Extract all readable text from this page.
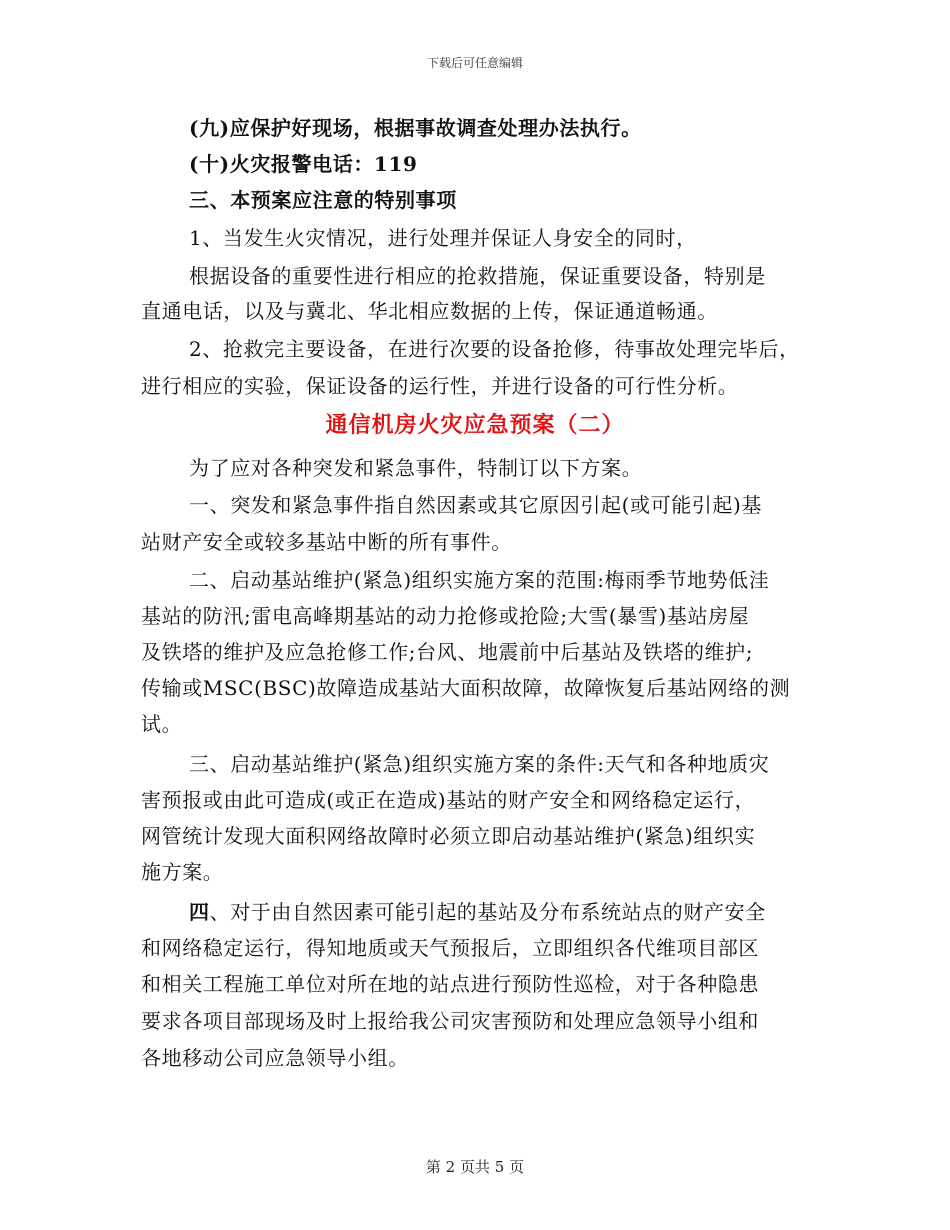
下载后可任意编辑
(九)应保护好现场，根据事故调查处理办法执行。
(十)火灾报警电话：119
三、本预案应注意的特别事项
1、当发生火灾情况，进行处理并保证人身安全的同时，
根据设备的重要性进行相应的抢救措施，保证重要设备，特别是
直通电话，以及与冀北、华北相应数据的上传，保证通道畅通。
2、抢救完主要设备，在进行次要的设备抢修，待事故处理完毕后，
进行相应的实验，保证设备的运行性，并进行设备的可行性分析。
通信机房火灾应急预案（二）
为了应对各种突发和紧急事件，特制订以下方案。
一、突发和紧急事件指自然因素或其它原因引起(或可能引起)基
站财产安全或较多基站中断的所有事件。
二、启动基站维护(紧急)组织实施方案的范围:梅雨季节地势低洼
基站的防汛;雷电高峰期基站的动力抢修或抢险;大雪(暴雪)基站房屋
及铁塔的维护及应急抢修工作;台风、地震前中后基站及铁塔的维护;
传输或MSC(BSC)故障造成基站大面积故障，故障恢复后基站网络的测
试。
三、启动基站维护(紧急)组织实施方案的条件:天气和各种地质灾
害预报或由此可造成(或正在造成)基站的财产安全和网络稳定运行，
网管统计发现大面积网络故障时必须立即启动基站维护(紧急)组织实
施方案。
四、对于由自然因素可能引起的基站及分布系统站点的财产安全
和网络稳定运行，得知地质或天气预报后，立即组织各代维项目部区
和相关工程施工单位对所在地的站点进行预防性巡检，对于各种隐患
要求各项目部现场及时上报给我公司灾害预防和处理应急领导小组和
各地移动公司应急领导小组。
第 2 页共 5 页
